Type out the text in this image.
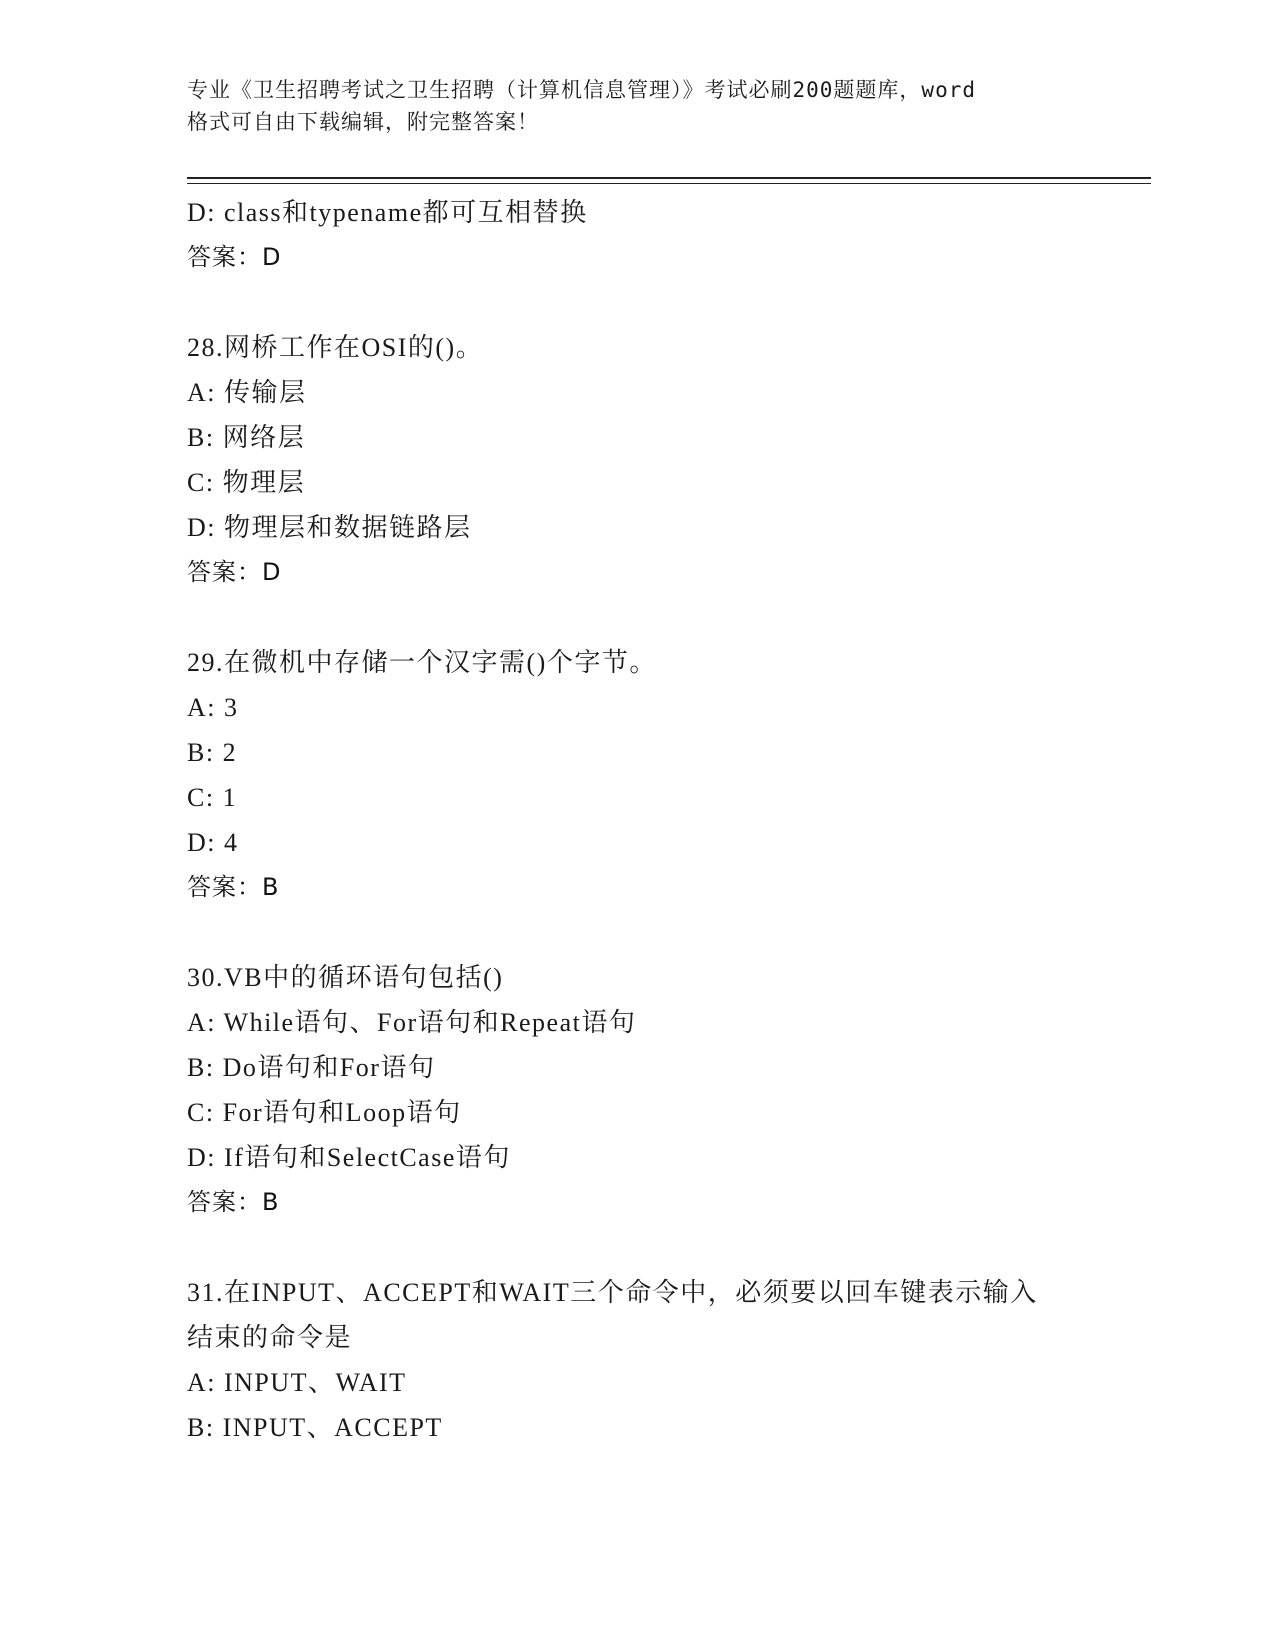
专业《卫生招聘考试之卫生招聘（计算机信息管理）》考试必刷200题题库，word
格式可自由下载编辑，附完整答案！
D: class和typename都可互相替换
答案：D
28.网桥工作在OSI的()。
A: 传输层
B: 网络层
C: 物理层
D: 物理层和数据链路层
答案：D
29.在微机中存储一个汉字需()个字节。
A: 3
B: 2
C: 1
D: 4
答案：B
30.VB中的循环语句包括()
A: While语句、For语句和Repeat语句
B: Do语句和For语句
C: For语句和Loop语句
D: If语句和SelectCase语句
答案：B
31.在INPUT、ACCEPT和WAIT三个命令中，必须要以回车键表示输入
结束的命令是
A: INPUT、WAIT
B: INPUT、ACCEPT
